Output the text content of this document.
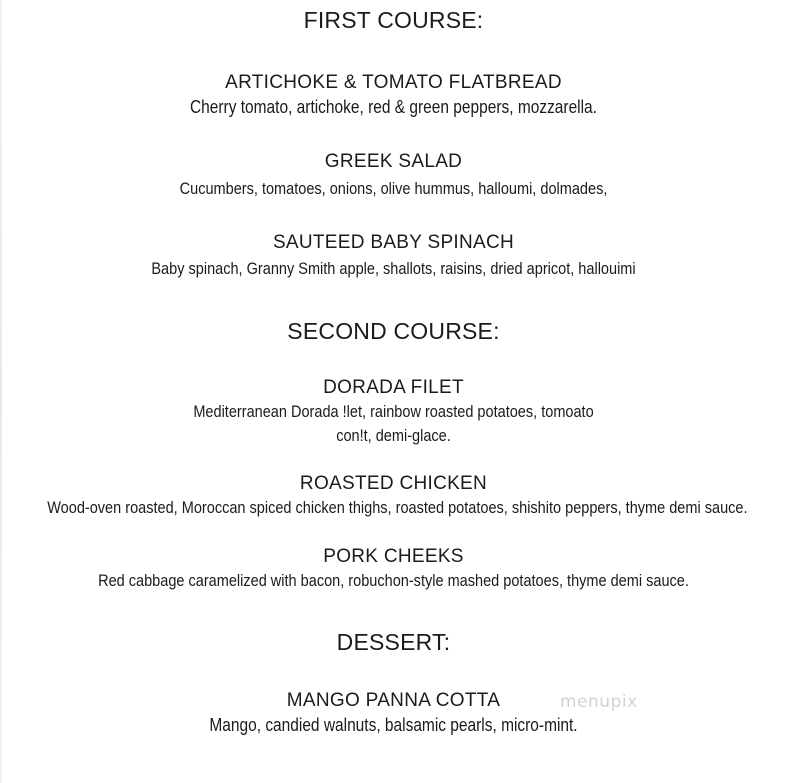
FIRST COURSE:
ARTICHOKE & TOMATO FLATBREAD
Cherry tomato, artichoke, red & green peppers, mozzarella.
GREEK SALAD
Cucumbers, tomatoes, onions, olive hummus, halloumi, dolmades,
SAUTEED BABY SPINACH
Baby spinach, Granny Smith apple, shallots, raisins, dried apricot, hallouimi
SECOND COURSE:
DORADA FILET
Mediterranean Dorada !let, rainbow roasted potatoes, tomoato
con!t, demi-glace.
ROASTED CHICKEN
Wood-oven roasted, Moroccan spiced chicken thighs, roasted potatoes, shishito peppers, thyme demi sauce.
PORK CHEEKS
Red cabbage caramelized with bacon, robuchon-style mashed potatoes, thyme demi sauce.
DESSERT:
MANGO PANNA COTTA
Mango, candied walnuts, balsamic pearls, micro-mint.
menupix
